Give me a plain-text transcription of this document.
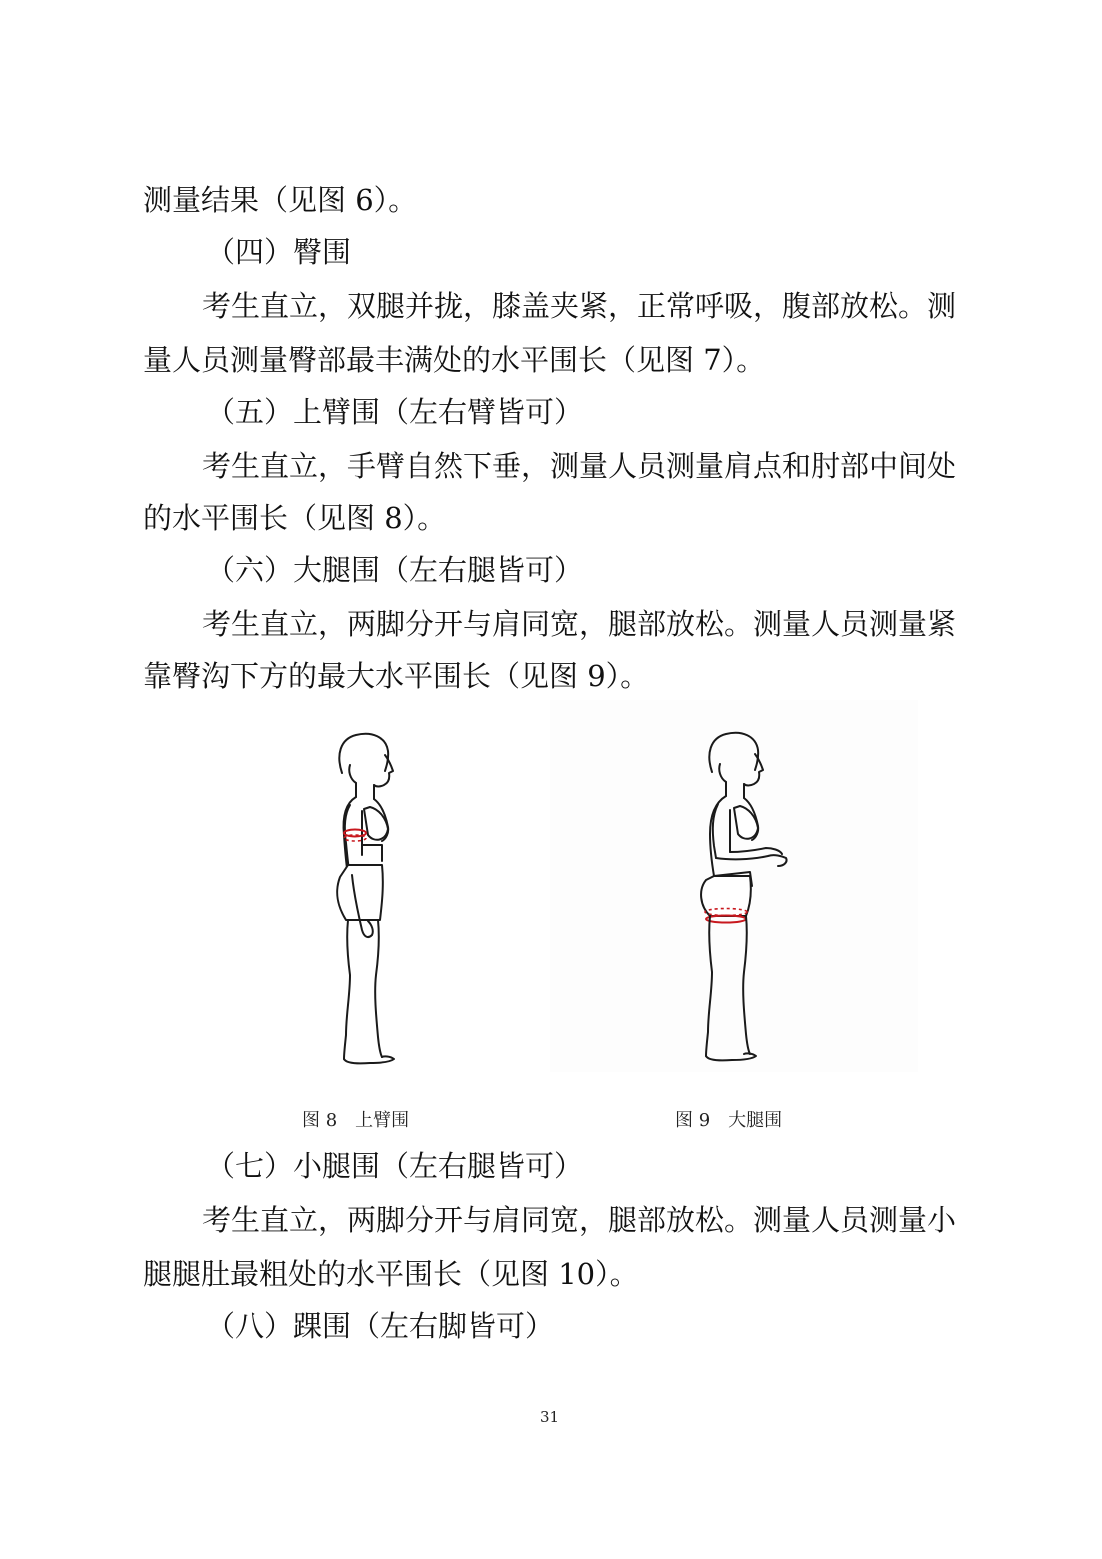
测量结果（见图 6）。
（四）臀围
考生直立，双腿并拢，膝盖夹紧，正常呼吸，腹部放松。测
量人员测量臀部最丰满处的水平围长（见图 7）。
（五）上臂围（左右臂皆可）
考生直立，手臂自然下垂，测量人员测量肩点和肘部中间处
的水平围长（见图 8）。
（六）大腿围（左右腿皆可）
考生直立，两脚分开与肩同宽，腿部放松。测量人员测量紧
靠臀沟下方的最大水平围长（见图 9）。
图 8　上臂围	图 9　大腿围
（七）小腿围（左右腿皆可）
考生直立，两脚分开与肩同宽，腿部放松。测量人员测量小
腿腿肚最粗处的水平围长（见图 10）。
（八）踝围（左右脚皆可）
31
